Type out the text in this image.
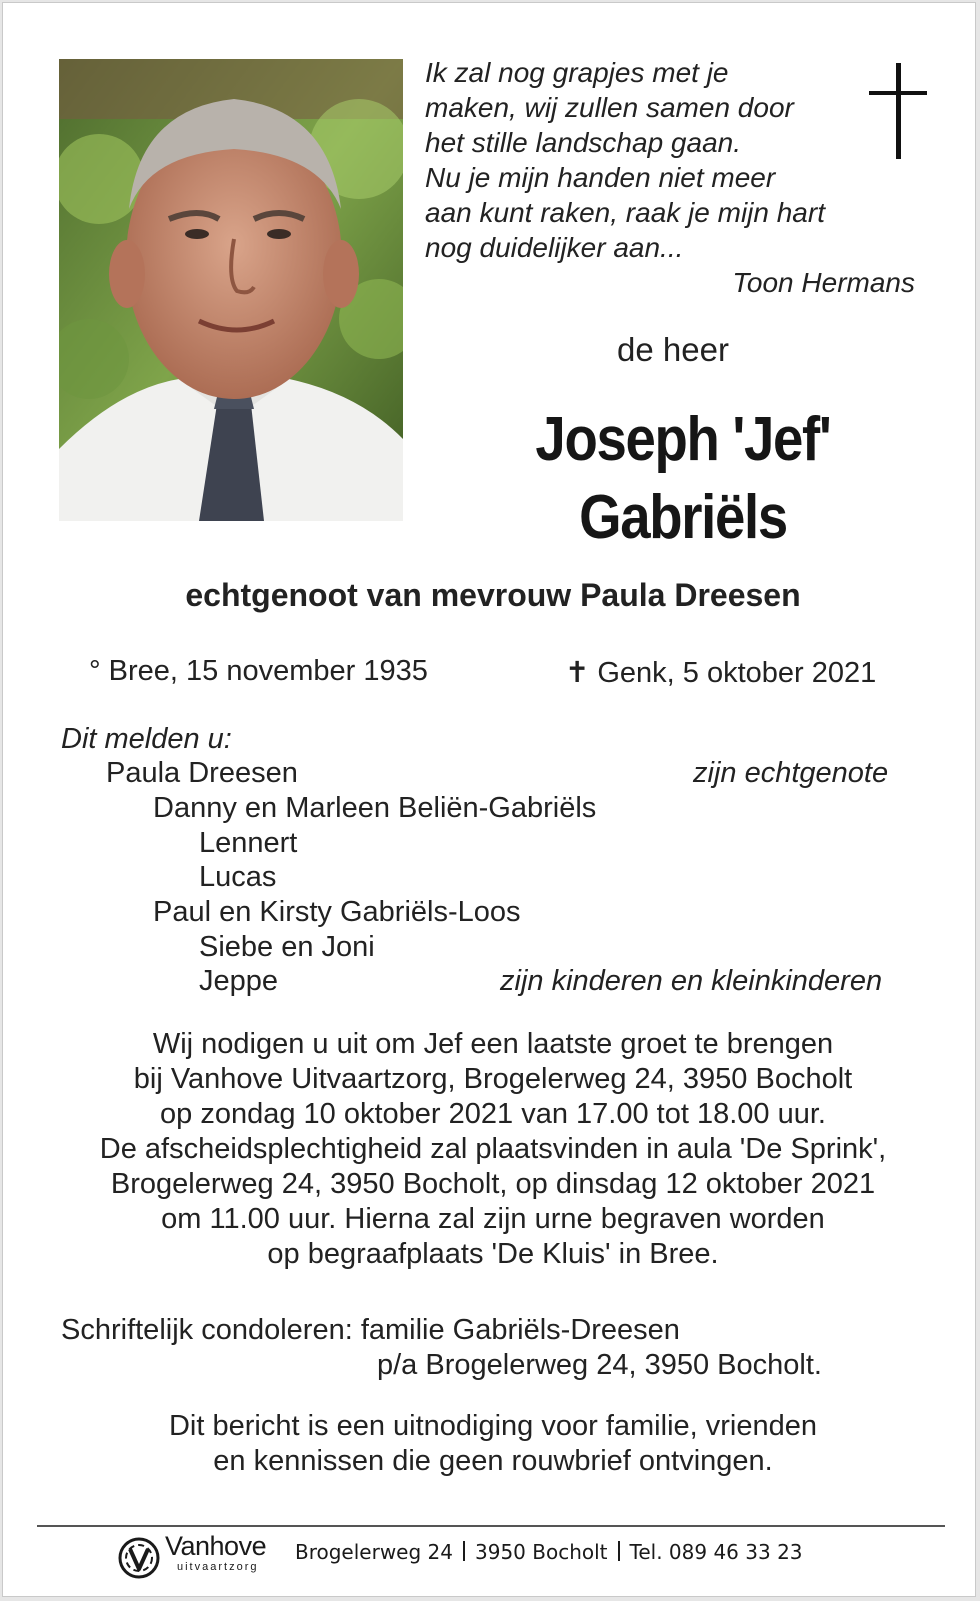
Ik zal nog grapjes met je
maken, wij zullen samen door
het stille landschap gaan.
Nu je mijn handen niet meer
aan kunt raken, raak je mijn hart
nog duidelijker aan...
Toon Hermans
de heer
Joseph 'Jef'
Gabriëls
echtgenoot van mevrouw Paula Dreesen
° Bree, 15 november 1935	✝ Genk, 5 oktober 2021
Dit melden u:
Paula Dreesen	zijn echtgenote
Danny en Marleen Beliën-Gabriëls
Lennert
Lucas
Paul en Kirsty Gabriëls-Loos
Siebe en Joni
Jeppe	zijn kinderen en kleinkinderen
Wij nodigen u uit om Jef een laatste groet te brengen
bij Vanhove Uitvaartzorg, Brogelerweg 24, 3950 Bocholt
op zondag 10 oktober 2021 van 17.00 tot 18.00 uur.
De afscheidsplechtigheid zal plaatsvinden in aula 'De Sprink',
Brogelerweg 24, 3950 Bocholt, op dinsdag 12 oktober 2021
om 11.00 uur. Hierna zal zijn urne begraven worden
op begraafplaats 'De Kluis' in Bree.
Schriftelijk condoleren: familie Gabriëls-Dreesen
p/a Brogelerweg 24, 3950 Bocholt.
Dit bericht is een uitnodiging voor familie, vrienden
en kennissen die geen rouwbrief ontvingen.
Vanhove
uitvaartzorg
Brogelerweg 24 3950 Bocholt Tel. 089 46 33 23
